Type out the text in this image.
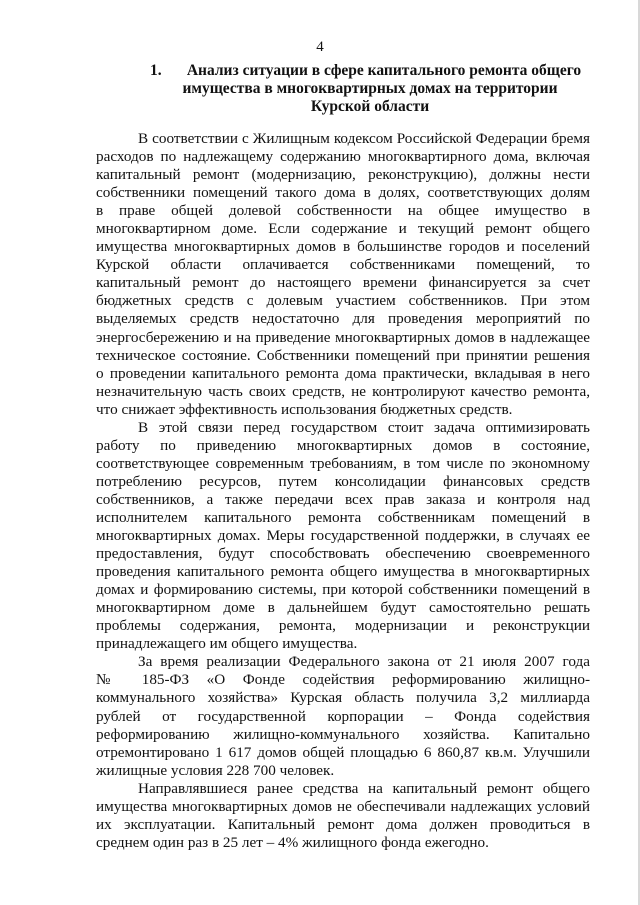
4
1.	Анализ ситуации в сфере капитального ремонта общего
имущества в многоквартирных домах на территории
Курской области
В соответствии с Жилищным кодексом Российской Федерации бремя
расходов по надлежащему содержанию многоквартирного дома, включая
капитальный ремонт (модернизацию, реконструкцию), должны нести
собственники помещений такого дома в долях, соответствующих долям
в праве общей долевой собственности на общее имущество в
многоквартирном доме. Если содержание и текущий ремонт общего
имущества многоквартирных домов в большинстве городов и поселений
Курской области оплачивается собственниками помещений, то
капитальный ремонт до настоящего времени финансируется за счет
бюджетных средств с долевым участием собственников. При этом
выделяемых средств недостаточно для проведения мероприятий по
энергосбережению и на приведение многоквартирных домов в надлежащее
техническое состояние. Собственники помещений при принятии решения
о проведении капитального ремонта дома практически, вкладывая в него
незначительную часть своих средств, не контролируют качество ремонта,
что снижает эффективность использования бюджетных средств.
В этой связи перед государством стоит задача оптимизировать
работу по приведению многоквартирных домов в состояние,
соответствующее современным требованиям, в том числе по экономному
потреблению ресурсов, путем консолидации финансовых средств
собственников, а также передачи всех прав заказа и контроля над
исполнителем капитального ремонта собственникам помещений в
многоквартирных домах. Меры государственной поддержки, в случаях ее
предоставления, будут способствовать обеспечению своевременного
проведения капитального ремонта общего имущества в многоквартирных
домах и формированию системы, при которой собственники помещений в
многоквартирном доме в дальнейшем будут самостоятельно решать
проблемы содержания, ремонта, модернизации и реконструкции
принадлежащего им общего имущества.
За время реализации Федерального закона от 21 июля 2007 года
№ 185-ФЗ «О Фонде содействия реформированию жилищно-
коммунального хозяйства» Курская область получила 3,2 миллиарда
рублей от государственной корпорации – Фонда содействия
реформированию жилищно-коммунального хозяйства. Капитально
отремонтировано 1 617 домов общей площадью 6 860,87 кв.м. Улучшили
жилищные условия 228 700 человек.
Направлявшиеся ранее средства на капитальный ремонт общего
имущества многоквартирных домов не обеспечивали надлежащих условий
их эксплуатации. Капитальный ремонт дома должен проводиться в
среднем один раз в 25 лет – 4% жилищного фонда ежегодно.
